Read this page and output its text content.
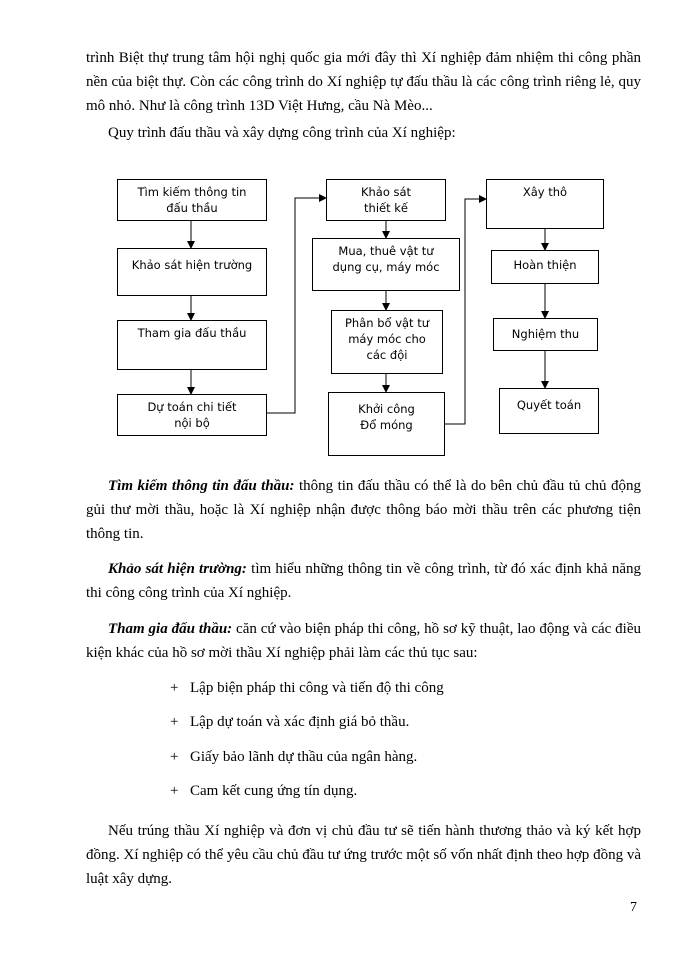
trình Biệt thự trung tâm hội nghị quốc gia mới đây thì Xí nghiệp đảm nhiệm thi công phần nền của biệt thự. Còn các công trình do Xí nghiệp tự đấu thầu là các công trình riêng lẻ, quy mô nhỏ. Như là công trình 13D Việt Hưng, cầu Nà Mèo...

Quy trình đấu thầu và xây dựng công trình của Xí nghiệp:

Tìm kiếm thông tin
đấu thầu
Khảo sát hiện trường
Tham gia đấu thầu
Dự toán chi tiết
nội bộ
Khảo sát
thiết kế
Mua, thuê vật tư
dụng cụ, máy móc
Phân bổ vật tư
máy móc cho
các đội
Khởi công
Đổ móng
Xây thô
Hoàn thiện
Nghiệm thu
Quyết toán

Tìm kiếm thông tin đấu thầu: thông tin đấu thầu có thể là do bên chủ đầu tủ chủ động gủi thư mời thầu, hoặc là Xí nghiệp nhận được thông báo mời thầu trên các phương tiện thông tin.

Khảo sát hiện trường: tìm hiểu những thông tin về công trình, từ đó xác định khả năng thi công công trình của Xí nghiệp.

Tham gia đấu thầu: căn cứ vào biện pháp thi công, hồ sơ kỹ thuật, lao động và các điều kiện khác của hồ sơ mời thầu Xí nghiệp phải làm các thủ tục sau:

+ Lập biện pháp thi công và tiến độ thi công
+ Lập dự toán và xác định giá bỏ thầu.
+ Giấy bảo lãnh dự thầu của ngân hàng.
+ Cam kết cung ứng tín dụng.

Nếu trúng thầu Xí nghiệp và đơn vị chủ đầu tư sẽ tiến hành thương thảo và ký kết hợp đồng. Xí nghiệp có thể yêu cầu chủ đầu tư ứng trước một số vốn nhất định theo hợp đồng và luật xây dựng.

7
